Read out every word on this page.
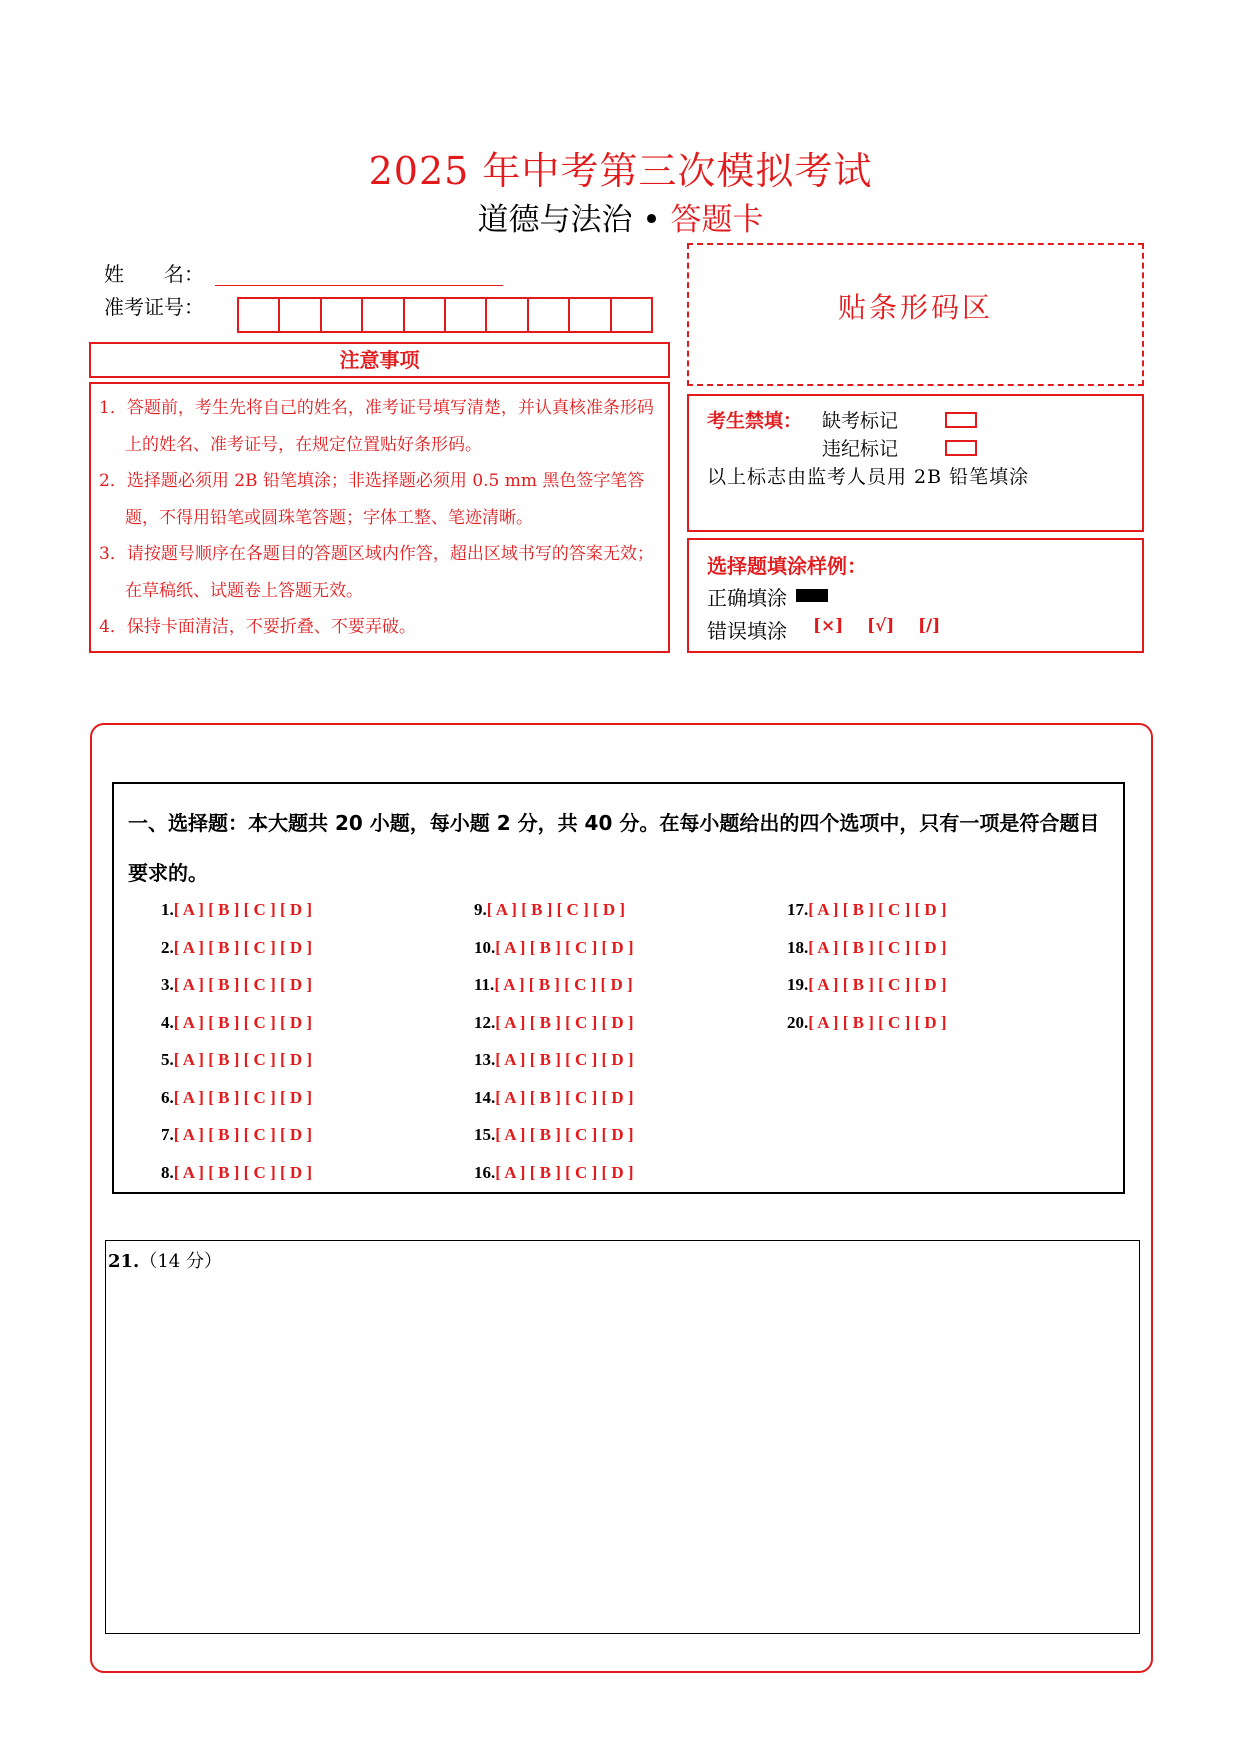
2025 年中考第三次模拟考试
道德与法治 • 答题卡
姓　　名：
准考证号：
注意事项

1．答题前，考生先将自己的姓名，准考证号填写清楚，并认真核准条形码上的姓名、准考证号，在规定位置贴好条形码。

2．选择题必须用 2B 铅笔填涂；非选择题必须用 0.5 mm 黑色签字笔答题，不得用铅笔或圆珠笔答题；字体工整、笔迹清晰。

3．请按题号顺序在各题目的答题区域内作答，超出区域书写的答案无效；在草稿纸、试题卷上答题无效。

4．保持卡面清洁，不要折叠、不要弄破。

贴条形码区
考生禁填： 缺考标记
违纪标记
以上标志由监考人员用 2B 铅笔填涂
选择题填涂样例：
正确填涂
错误填涂 [×] [√] [/]
一、选择题：本大题共 20 小题，每小题 2 分，共 40 分。在每小题给出的四个选项中，只有一项是符合题目要求的。
1.[ A ] [ B ] [ C ] [ D ]
2.[ A ] [ B ] [ C ] [ D ]
3.[ A ] [ B ] [ C ] [ D ]
4.[ A ] [ B ] [ C ] [ D ]
5.[ A ] [ B ] [ C ] [ D ]
6.[ A ] [ B ] [ C ] [ D ]
7.[ A ] [ B ] [ C ] [ D ]
8.[ A ] [ B ] [ C ] [ D ]
9.[ A ] [ B ] [ C ] [ D ]
10.[ A ] [ B ] [ C ] [ D ]
11.[ A ] [ B ] [ C ] [ D ]
12.[ A ] [ B ] [ C ] [ D ]
13.[ A ] [ B ] [ C ] [ D ]
14.[ A ] [ B ] [ C ] [ D ]
15.[ A ] [ B ] [ C ] [ D ]
16.[ A ] [ B ] [ C ] [ D ]
17.[ A ] [ B ] [ C ] [ D ]
18.[ A ] [ B ] [ C ] [ D ]
19.[ A ] [ B ] [ C ] [ D ]
20.[ A ] [ B ] [ C ] [ D ]
21.（14 分）
